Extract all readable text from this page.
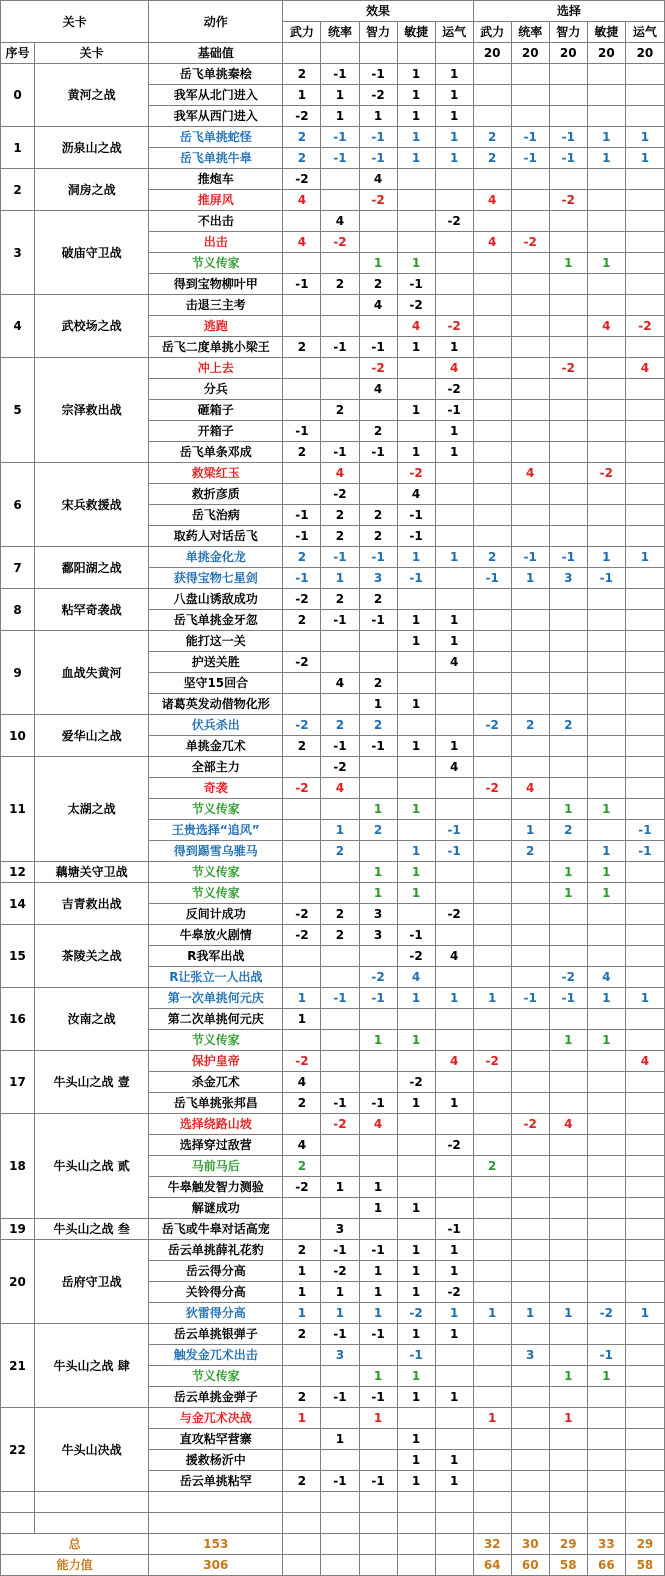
关卡		动作	效果					选择				
			武力	统率	智力	敏捷	运气	武力	统率	智力	敏捷	运气
序号	关卡	基础值						20	20	20	20	20
0	黄河之战	岳飞单挑秦桧	2	-1	-1	1	1					
		我军从北门进入	1	1	-2	1	1					
		我军从西门进入	-2	1	1	1	1					
1	沥泉山之战	岳飞单挑蛇怪	2	-1	-1	1	1	2	-1	-1	1	1
		岳飞单挑牛皋	2	-1	-1	1	1	2	-1	-1	1	1
2	洞房之战	推炮车	-2		4							
		推屏风	4		-2			4		-2		
3	破庙守卫战	不出击		4			-2					
		出击	4	-2				4	-2			
		节义传家			1	1				1	1	
		得到宝物柳叶甲	-1	2	2	-1						
4	武校场之战	击退三主考			4	-2						
		逃跑				4	-2				4	-2
		岳飞二度单挑小梁王	2	-1	-1	1	1					
5	宗泽救出战	冲上去			-2		4			-2		4
		分兵			4		-2					
		砸箱子		2		1	-1					
		开箱子	-1		2		1					
		岳飞单条邓成	2	-1	-1	1	1					
6	宋兵救援战	救梁红玉		4		-2			4		-2	
		救折彦质		-2		4						
		岳飞治病	-1	2	2	-1						
		取药人对话岳飞	-1	2	2	-1						
7	鄱阳湖之战	单挑金化龙	2	-1	-1	1	1	2	-1	-1	1	1
		获得宝物七星剑	-1	1	3	-1		-1	1	3	-1	
8	粘罕奇袭战	八盘山诱敌成功	-2	2	2							
		岳飞单挑金牙忽	2	-1	-1	1	1					
9	血战失黄河	能打这一关				1	1					
		护送关胜	-2				4					
		坚守15回合		4	2							
		诸葛英发动借物化形			1	1						
10	爱华山之战	伏兵杀出	-2	2	2			-2	2	2		
		单挑金兀术	2	-1	-1	1	1					
11	太湖之战	全部主力		-2			4					
		奇袭	-2	4				-2	4			
		节义传家			1	1				1	1	
		王贵选择“追风”		1	2		-1		1	2		-1
		得到踢雪乌骓马		2		1	-1		2		1	-1
12	藕塘关守卫战	节义传家			1	1				1	1	
14	吉青救出战	节义传家			1	1				1	1	
		反间计成功	-2	2	3		-2					
15	茶陵关之战	牛皋放火剧情	-2	2	3	-1						
		R我军出战				-2	4					
		R让张立一人出战			-2	4				-2	4	
16	汝南之战	第一次单挑何元庆	1	-1	-1	1	1	1	-1	-1	1	1
		第二次单挑何元庆	1									
		节义传家			1	1				1	1	
17	牛头山之战 壹	保护皇帝	-2				4	-2				4
		杀金兀术	4			-2						
		岳飞单挑张邦昌	2	-1	-1	1	1					
18	牛头山之战 贰	选择绕路山坡		-2	4				-2	4		
		选择穿过敌营	4				-2					
		马前马后	2					2				
		牛皋触发智力测验	-2	1	1							
		解谜成功			1	1						
19	牛头山之战 叁	岳飞或牛皋对话高宠		3			-1					
20	岳府守卫战	岳云单挑薛礼花豹	2	-1	-1	1	1					
		岳云得分高	1	-2	1	1	1					
		关铃得分高	1	1	1	1	-2					
		狄雷得分高	1	1	1	-2	1	1	1	1	-2	1
21	牛头山之战 肆	岳云单挑银弹子	2	-1	-1	1	1					
		触发金兀术出击		3		-1			3		-1	
		节义传家			1	1				1	1	
		岳云单挑金弹子	2	-1	-1	1	1					
22	牛头山决战	与金兀术决战	1		1			1		1		
		直攻粘罕营寨		1		1						
		援救杨沂中				1	1					
		岳云单挑粘罕	2	-1	-1	1	1					

总		153						32	30	29	33	29
能力值		306						64	60	58	66	58
